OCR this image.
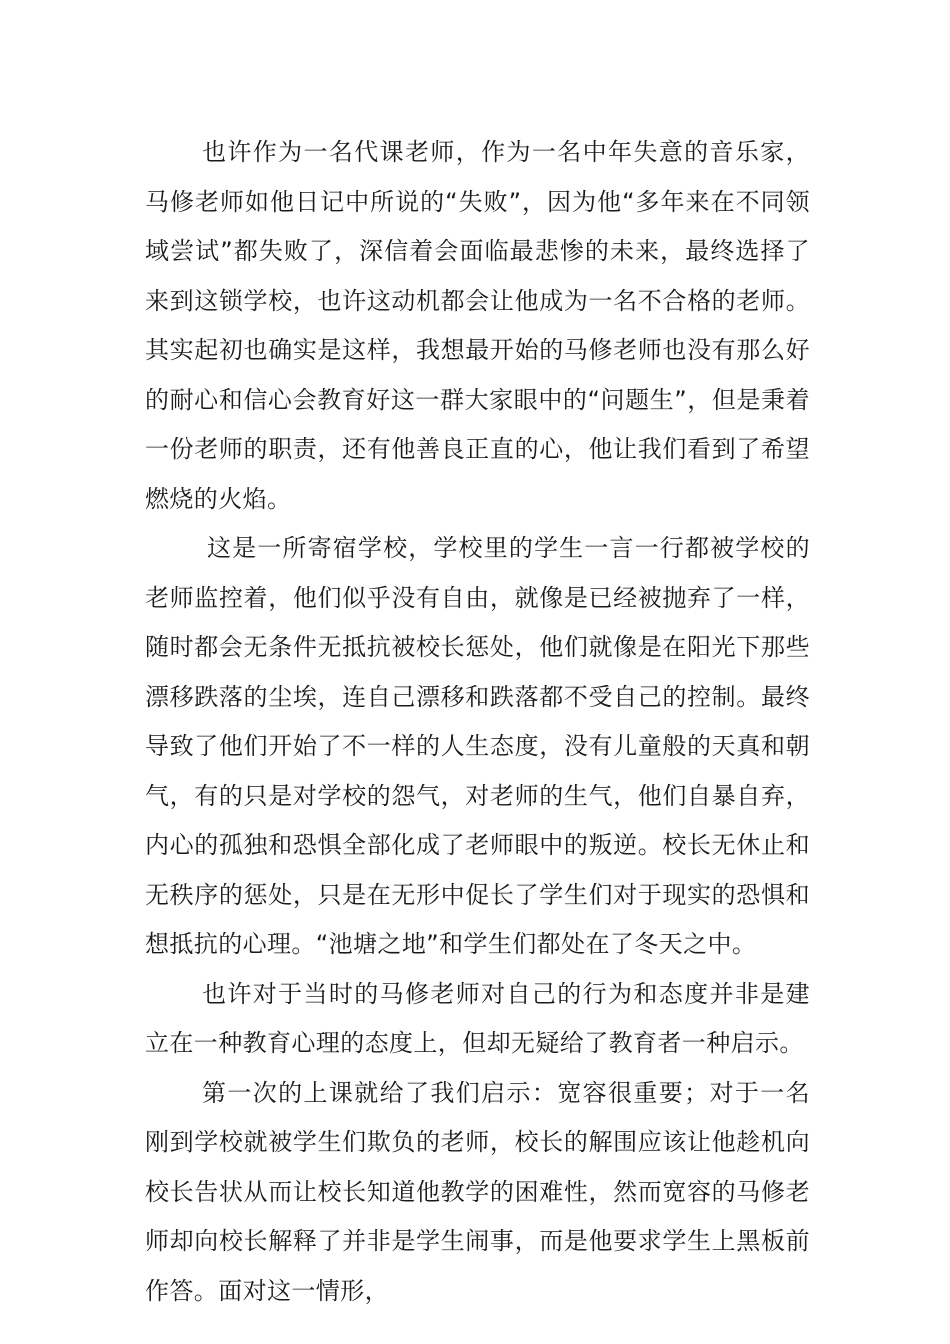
也许作为一名代课老师，作为一名中年失意的音乐家，马修老师如他日记中所说的“失败”，因为他“多年来在不同领域尝试”都失败了，深信着会面临最悲惨的未来，最终选择了来到这锁学校，也许这动机都会让他成为一名不合格的老师。其实起初也确实是这样，我想最开始的马修老师也没有那么好的耐心和信心会教育好这一群大家眼中的“问题生”，但是秉着一份老师的职责，还有他善良正直的心，他让我们看到了希望燃烧的火焰。

这是一所寄宿学校，学校里的学生一言一行都被学校的老师监控着，他们似乎没有自由，就像是已经被抛弃了一样，随时都会无条件无抵抗被校长惩处，他们就像是在阳光下那些漂移跌落的尘埃，连自己漂移和跌落都不受自己的控制。最终导致了他们开始了不一样的人生态度，没有儿童般的天真和朝气，有的只是对学校的怨气，对老师的生气，他们自暴自弃，内心的孤独和恐惧全部化成了老师眼中的叛逆。校长无休止和无秩序的惩处，只是在无形中促长了学生们对于现实的恐惧和想抵抗的心理。“池塘之地”和学生们都处在了冬天之中。

也许对于当时的马修老师对自己的行为和态度并非是建立在一种教育心理的态度上，但却无疑给了教育者一种启示。

第一次的上课就给了我们启示：宽容很重要；对于一名刚到学校就被学生们欺负的老师，校长的解围应该让他趁机向校长告状从而让校长知道他教学的困难性，然而宽容的马修老师却向校长解释了并非是学生闹事，而是他要求学生上黑板前作答。面对这一情形，
